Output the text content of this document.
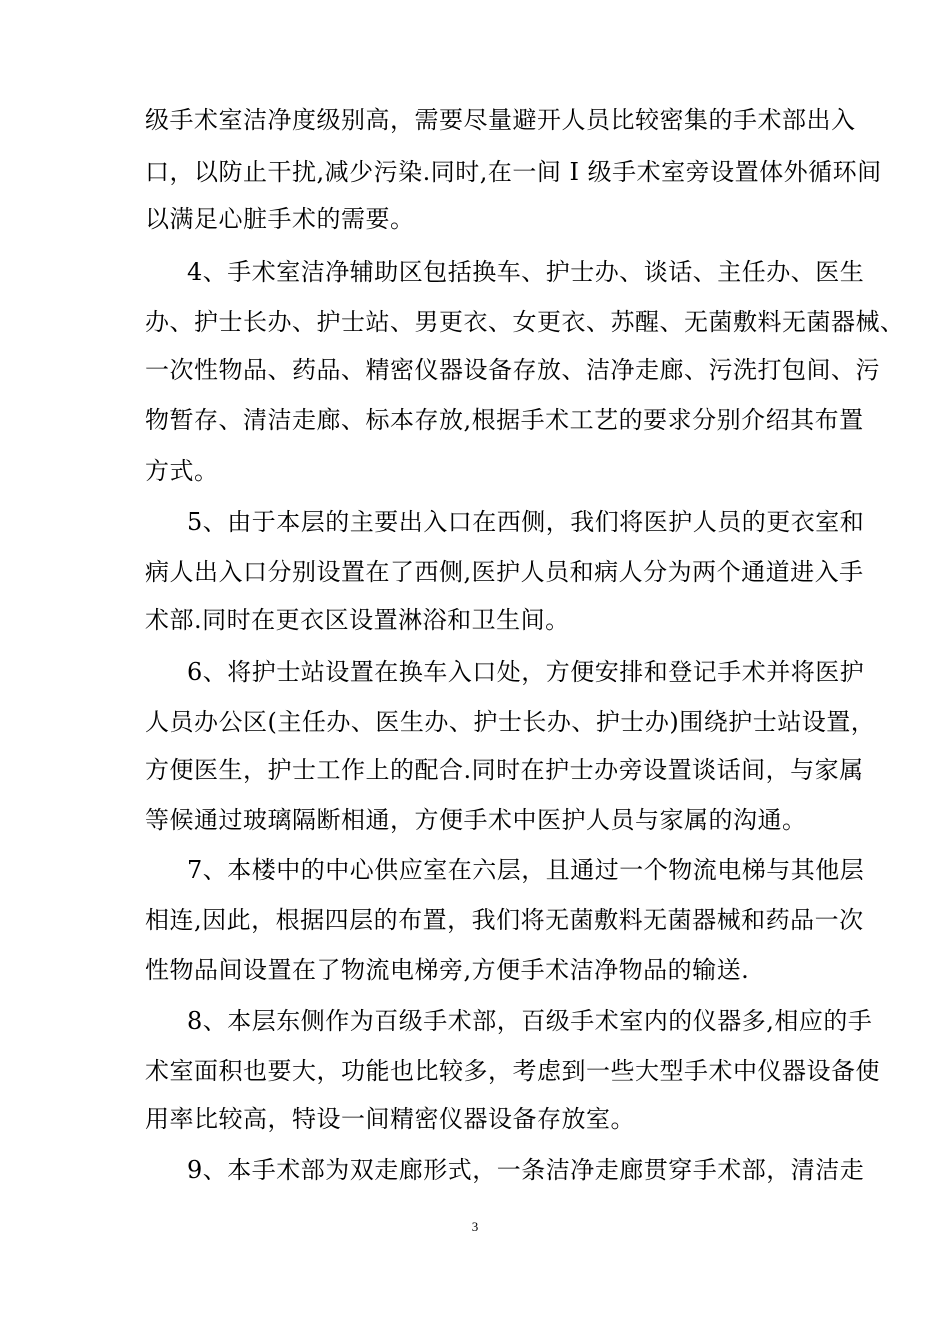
级手术室洁净度级别高，需要尽量避开人员比较密集的手术部出入
口，以防止干扰,减少污染.同时,在一间 I 级手术室旁设置体外循环间
以满足心脏手术的需要。
4、手术室洁净辅助区包括换车、护士办、谈话、主任办、医生
办、护士长办、护士站、男更衣、女更衣、苏醒、无菌敷料无菌器械、
一次性物品、药品、精密仪器设备存放、洁净走廊、污洗打包间、污
物暂存、清洁走廊、标本存放,根据手术工艺的要求分别介绍其布置
方式。
5、由于本层的主要出入口在西侧，我们将医护人员的更衣室和
病人出入口分别设置在了西侧,医护人员和病人分为两个通道进入手
术部.同时在更衣区设置淋浴和卫生间。
6、将护士站设置在换车入口处，方便安排和登记手术并将医护
人员办公区(主任办、医生办、护士长办、护士办)围绕护士站设置，
方便医生，护士工作上的配合.同时在护士办旁设置谈话间，与家属
等候通过玻璃隔断相通，方便手术中医护人员与家属的沟通。
7、本楼中的中心供应室在六层，且通过一个物流电梯与其他层
相连,因此，根据四层的布置，我们将无菌敷料无菌器械和药品一次
性物品间设置在了物流电梯旁,方便手术洁净物品的输送.
8、本层东侧作为百级手术部，百级手术室内的仪器多,相应的手
术室面积也要大，功能也比较多，考虑到一些大型手术中仪器设备使
用率比较高，特设一间精密仪器设备存放室。
9、本手术部为双走廊形式，一条洁净走廊贯穿手术部，清洁走
3
